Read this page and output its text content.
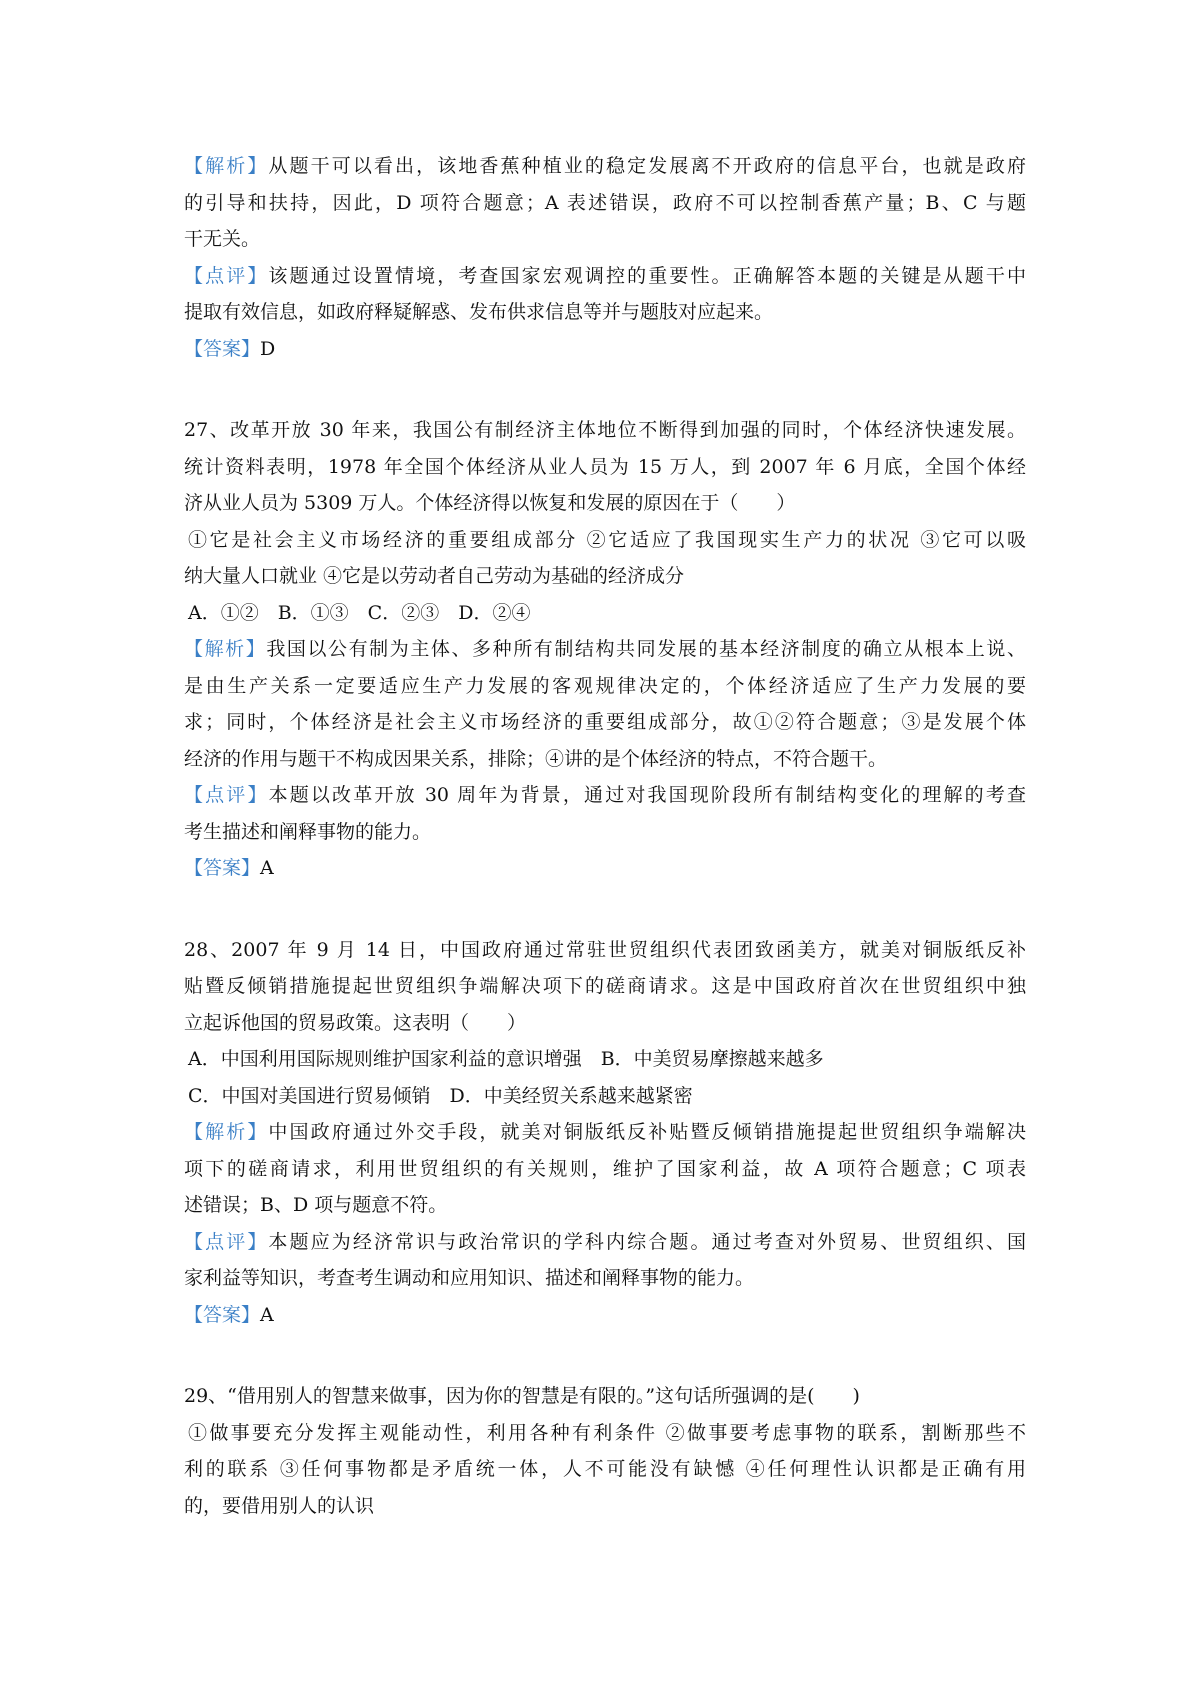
【解析】从题干可以看出，该地香蕉种植业的稳定发展离不开政府的信息平台，也就是政府
的引导和扶持，因此，D 项符合题意；A 表述错误，政府不可以控制香蕉产量；B、C 与题
干无关。
【点评】该题通过设置情境，考查国家宏观调控的重要性。正确解答本题的关键是从题干中
提取有效信息，如政府释疑解惑、发布供求信息等并与题肢对应起来。
【答案】D
27、改革开放 30 年来，我国公有制经济主体地位不断得到加强的同时，个体经济快速发展。
统计资料表明，1978 年全国个体经济从业人员为 15 万人，到 2007 年 6 月底，全国个体经
济从业人员为 5309 万人。个体经济得以恢复和发展的原因在于（　　）
①它是社会主义市场经济的重要组成部分 ②它适应了我国现实生产力的状况 ③它可以吸
纳大量人口就业 ④它是以劳动者自己劳动为基础的经济成分
A．①②　B．①③　C．②③　D．②④
【解析】我国以公有制为主体、多种所有制结构共同发展的基本经济制度的确立从根本上说、
是由生产关系一定要适应生产力发展的客观规律决定的，个体经济适应了生产力发展的要
求；同时，个体经济是社会主义市场经济的重要组成部分，故①②符合题意；③是发展个体
经济的作用与题干不构成因果关系，排除；④讲的是个体经济的特点，不符合题干。
【点评】本题以改革开放 30 周年为背景，通过对我国现阶段所有制结构变化的理解的考查
考生描述和阐释事物的能力。
【答案】A
28、2007 年 9 月 14 日，中国政府通过常驻世贸组织代表团致函美方，就美对铜版纸反补
贴暨反倾销措施提起世贸组织争端解决项下的磋商请求。这是中国政府首次在世贸组织中独
立起诉他国的贸易政策。这表明（　　）
A．中国利用国际规则维护国家利益的意识增强　B．中美贸易摩擦越来越多
C．中国对美国进行贸易倾销　D．中美经贸关系越来越紧密
【解析】中国政府通过外交手段，就美对铜版纸反补贴暨反倾销措施提起世贸组织争端解决
项下的磋商请求，利用世贸组织的有关规则，维护了国家利益，故 A 项符合题意；C 项表
述错误；B、D 项与题意不符。
【点评】本题应为经济常识与政治常识的学科内综合题。通过考查对外贸易、世贸组织、国
家利益等知识，考查考生调动和应用知识、描述和阐释事物的能力。
【答案】A
29、“借用别人的智慧来做事，因为你的智慧是有限的。”这句话所强调的是(　　)
①做事要充分发挥主观能动性，利用各种有利条件 ②做事要考虑事物的联系，割断那些不
利的联系 ③任何事物都是矛盾统一体，人不可能没有缺憾 ④任何理性认识都是正确有用
的，要借用别人的认识
